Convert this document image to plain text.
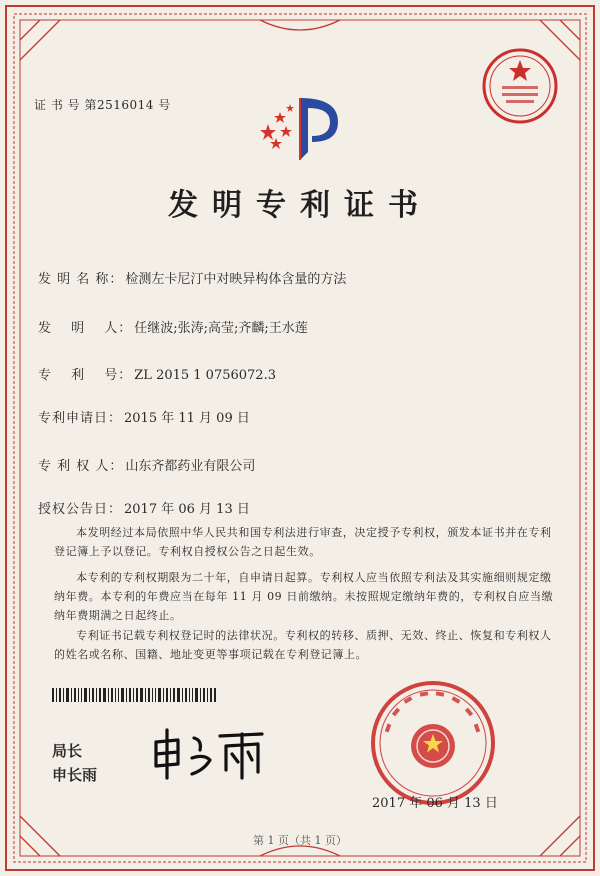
证 书 号 第2516014 号
发明专利证书
发 明 名 称： 检测左卡尼汀中对映异构体含量的方法
发　 明　 人： 任继波;张涛;高莹;齐麟;王水莲
专　 利　 号： ZL 2015 1 0756072.3
专利申请日： 2015 年 11 月 09 日
专 利 权 人： 山东齐都药业有限公司
授权公告日： 2017 年 06 月 13 日

本发明经过本局依照中华人民共和国专利法进行审查，决定授予专利权，颁发本证书并在专利登记簿上予以登记。专利权自授权公告之日起生效。

本专利的专利权期限为二十年，自申请日起算。专利权人应当依照专利法及其实施细则规定缴纳年费。本专利的年费应当在每年 11 月 09 日前缴纳。未按照规定缴纳年费的，专利权自应当缴纳年费期满之日起终止。

专利证书记载专利权登记时的法律状况。专利权的转移、质押、无效、终止、恢复和专利权人的姓名或名称、国籍、地址变更等事项记载在专利登记簿上。

局长
申长雨
2017 年 06 月 13 日
第 1 页（共 1 页）
